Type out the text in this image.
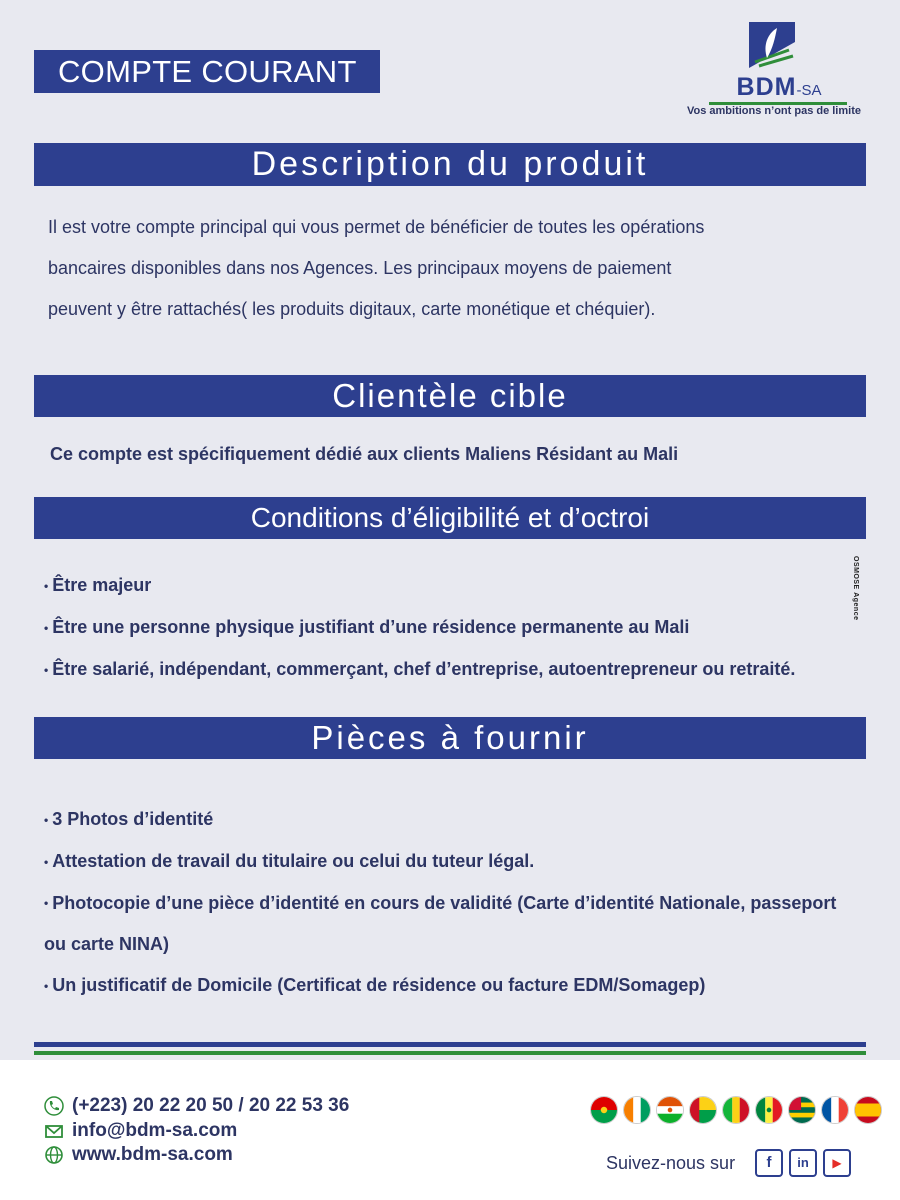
COMPTE COURANT	BDM-SA
Vos ambitions n’ont pas de limite
Description du produit
Il est votre compte principal qui vous permet de bénéficier de toutes les opérations
bancaires disponibles dans nos Agences. Les principaux moyens de paiement
peuvent y être rattachés( les produits digitaux, carte monétique et chéquier).
Clientèle cible

Ce compte est spécifiquement dédié aux clients Maliens Résidant au Mali

Conditions d’éligibilité et d’octroi
• Être majeur
• Être une personne physique justifiant d’une résidence permanente au Mali
• Être salarié, indépendant, commerçant, chef d’entreprise, autoentrepreneur ou retraité.
OSMOSE Agence
Pièces à fournir
• 3 Photos d’identité
• Attestation de travail du titulaire ou celui du tuteur légal.
• Photocopie d’une pièce d’identité en cours de validité (Carte d’identité Nationale, passeport ou carte NINA)
• Un justificatif de Domicile (Certificat de résidence ou facture EDM/Somagep)
(+223) 20 22 20 50 / 20 22 53 36
info@bdm-sa.com
www.bdm-sa.com	Suivez-nous sur	f	in	▶
